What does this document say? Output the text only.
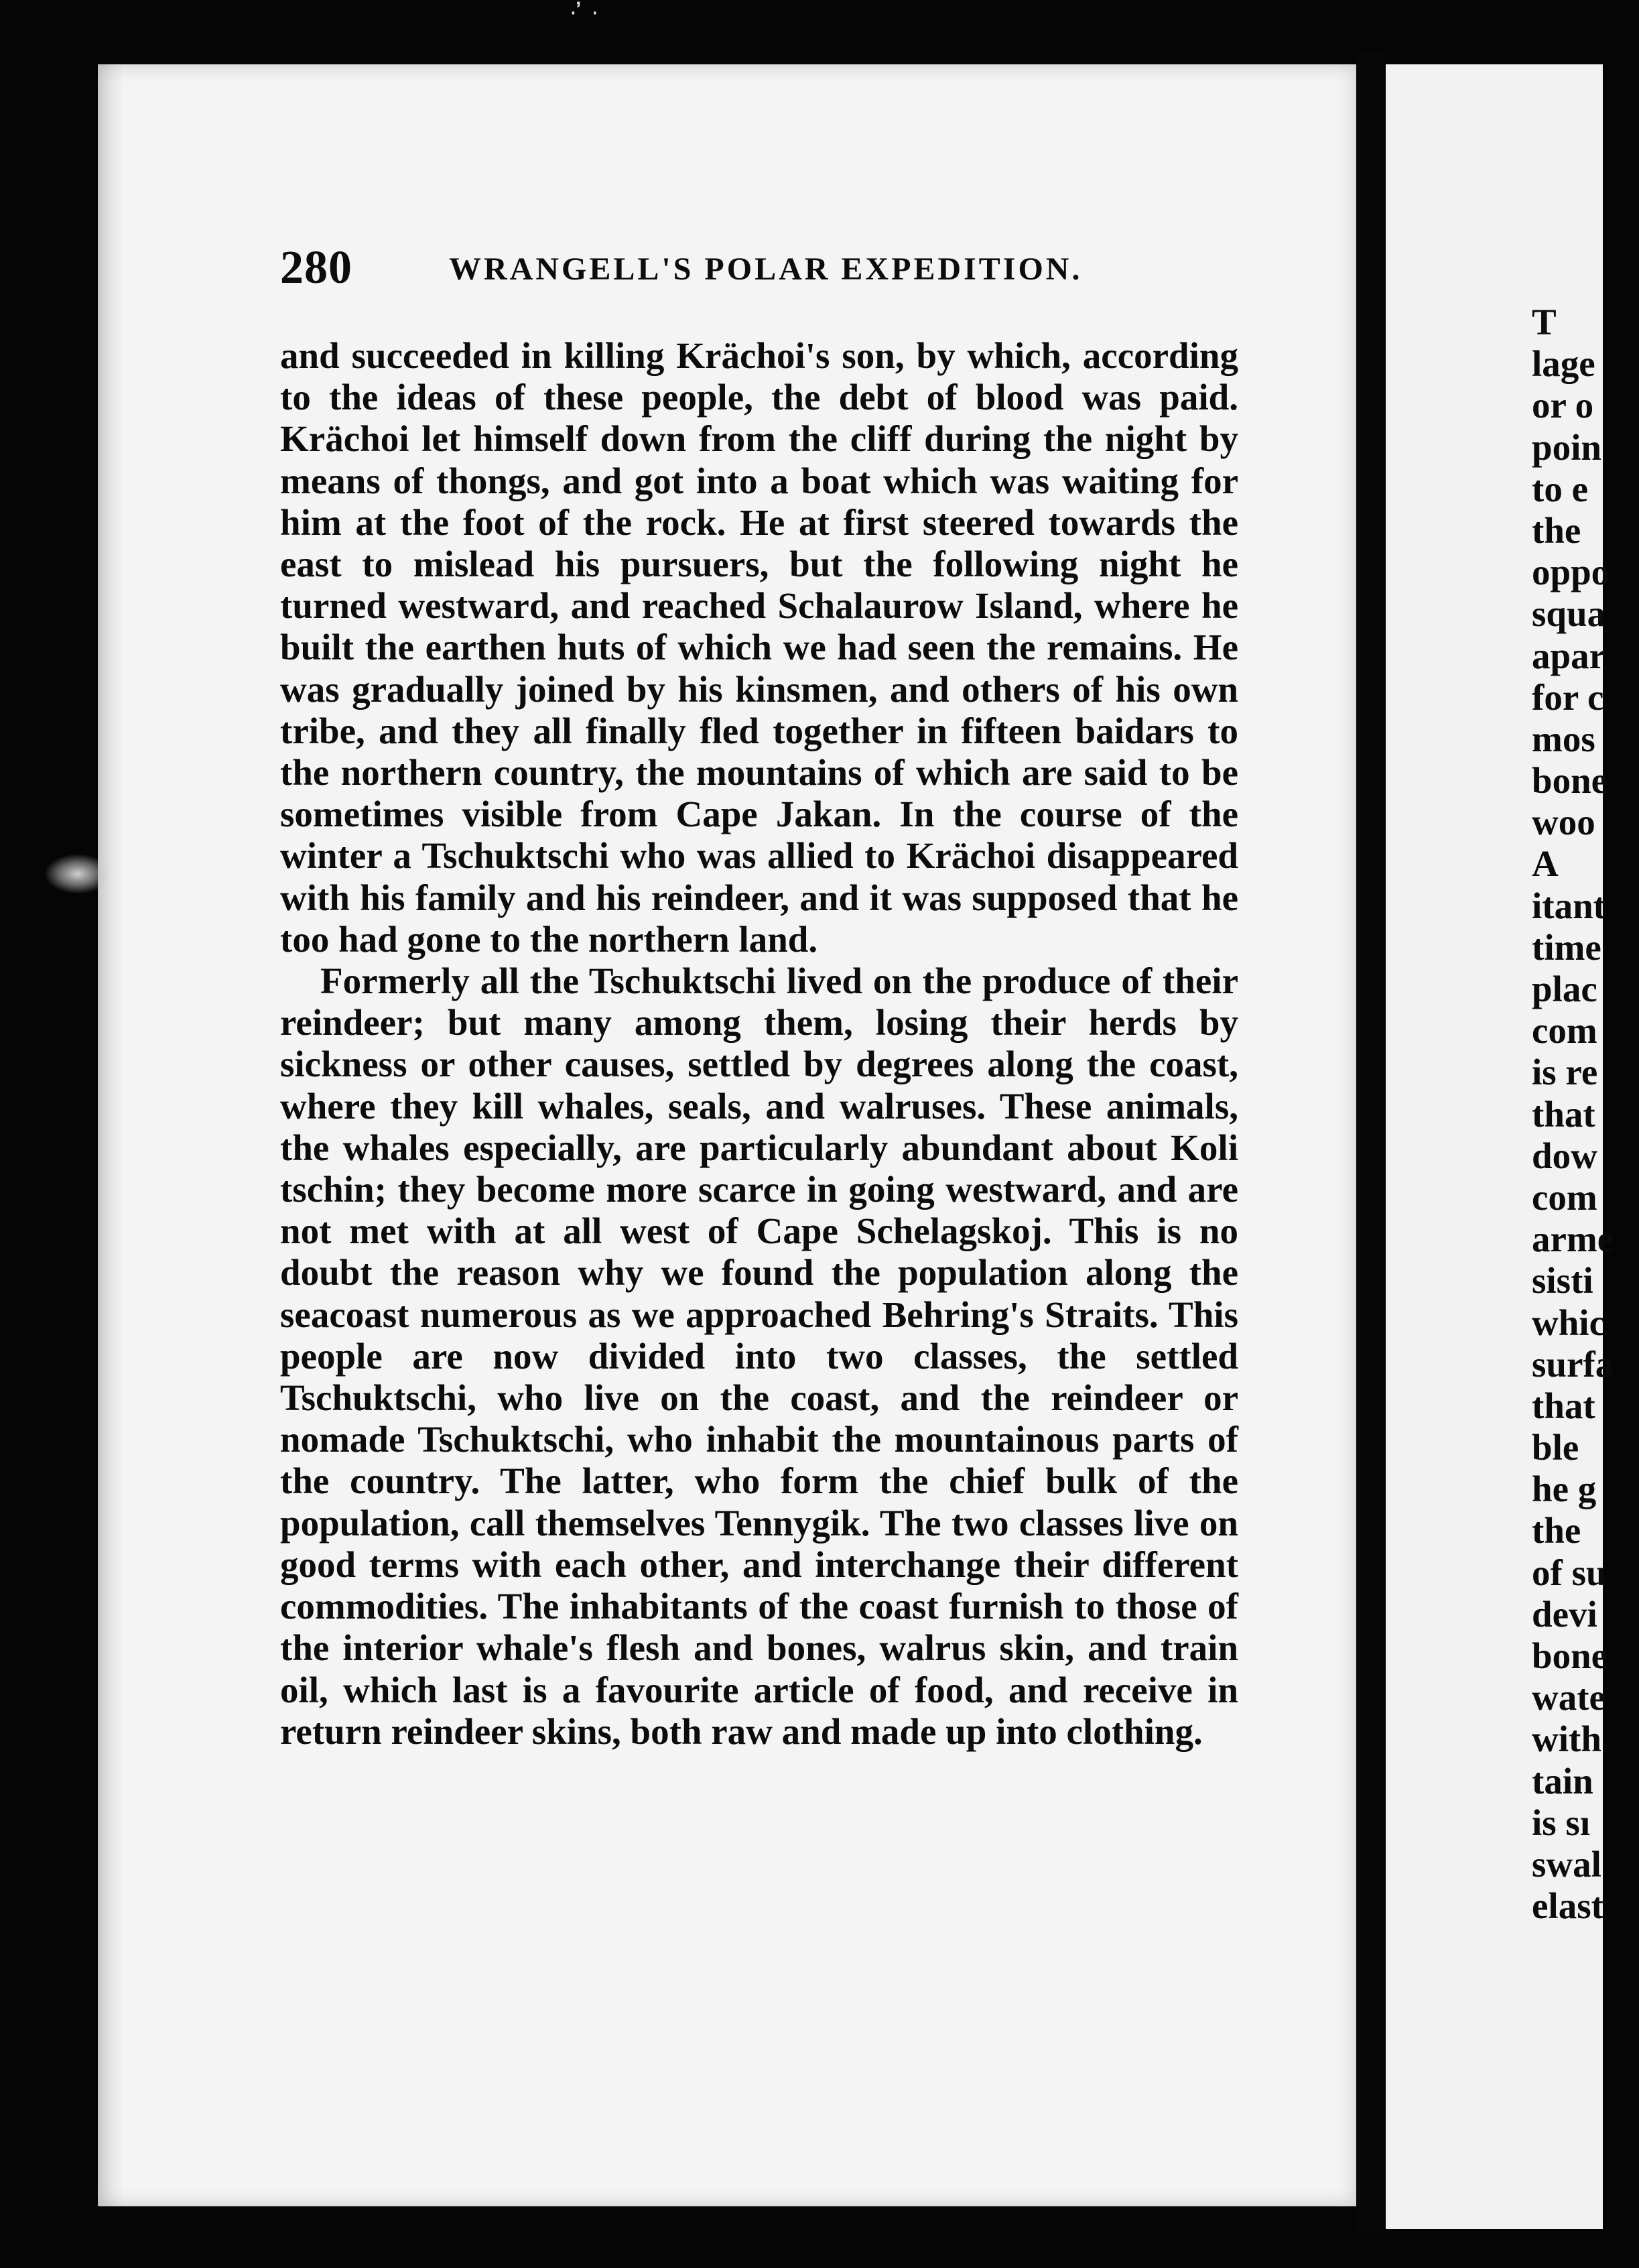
· ̓ ·
280	WRANGELL'S POLAR EXPEDITION.

and succeeded in killing Krächoi's son, by which, according to the ideas of these people, the debt of blood was paid. Krächoi let himself down from the cliff during the night by means of thongs, and got into a boat which was waiting for him at the foot of the rock. He at first steered towards the east to mislead his pursuers, but the following night he turned westward, and reached Schalaurow Island, where he built the earthen huts of which we had seen the remains. He was gradually joined by his kinsmen, and others of his own tribe, and they all finally fled together in fifteen baidars to the northern country, the mountains of which are said to be sometimes visible from Cape Jakan. In the course of the winter a Tschuktschi who was allied to Krächoi disappeared with his family and his reindeer, and it was supposed that he too had gone to the northern land.

Formerly all the Tschuktschi lived on the produce of their reindeer; but many among them, losing their herds by sickness or other causes, settled by degrees along the coast, where they kill whales, seals, and walruses. These animals, the whales especially, are particularly abundant about Koli tschin; they become more scarce in going westward, and are not met with at all west of Cape Schelagskoj. This is no doubt the reason why we found the population along the seacoast numerous as we approached Behring's Straits. This people are now divided into two classes, the settled Tschuktschi, who live on the coast, and the reindeer or nomade Tschuktschi, who inhabit the mountainous parts of the country. The latter, who form the chief bulk of the population, call themselves Tennygik. The two classes live on good terms with each other, and interchange their different commodities. The inhabitants of the coast furnish to those of the interior whale's flesh and bones, walrus skin, and train oil, which last is a favourite article of food, and receive in return reindeer skins, both raw and made up into clothing.

T
lage
or o
poin
to e
the
oppo
squa
apar
for c
mos
bone
woo
A
itant
time
plac
com
is re
that
dow
com
arme
sisti
whic
surfa
that
ble
he g
the
of su
devi
bone
wate
with
tain
is sı
swal
elast
